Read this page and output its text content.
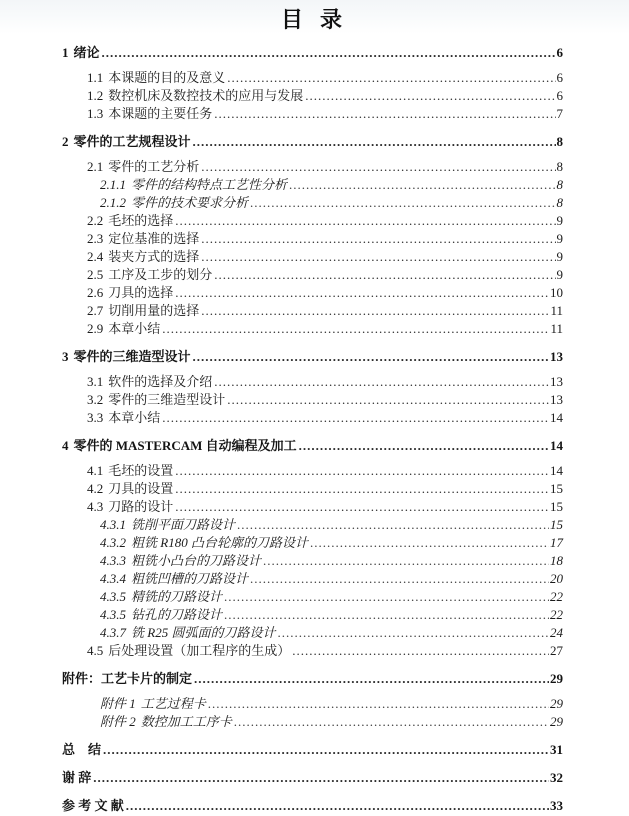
目  录
1 绪论 .....	6
1.1 本课题的目的及意义 .....	6
1.2 数控机床及数控技术的应用与发展 .....	6
1.3 本课题的主要任务 .....	7
2 零件的工艺规程设计 .....	8
2.1 零件的工艺分析 .....	8
2.1.1 零件的结构特点工艺性分析 .....	8
2.1.2 零件的技术要求分析 .....	8
2.2 毛坯的选择 .....	9
2.3 定位基准的选择 .....	9
2.4 装夹方式的选择 .....	9
2.5 工序及工步的划分 .....	9
2.6 刀具的选择 .....	10
2.7 切削用量的选择 .....	11
2.9 本章小结 .....	11
3 零件的三维造型设计 .....	13
3.1 软件的选择及介绍 .....	13
3.2 零件的三维造型设计 .....	13
3.3 本章小结 .....	14
4 零件的 MASTERCAM 自动编程及加工 .....	14
4.1 毛坯的设置 .....	14
4.2 刀具的设置 .....	15
4.3 刀路的设计 .....	15
4.3.1 铣削平面刀路设计 .....	15
4.3.2 粗铣 R180 凸台轮廓的刀路设计 .....	17
4.3.3 粗铣小凸台的刀路设计 .....	18
4.3.4 粗铣凹槽的刀路设计 .....	20
4.3.5 精铣的刀路设计 .....	22
4.3.5 钻孔的刀路设计 .....	22
4.3.7 铣 R25 圆弧面的刀路设计 .....	24
4.5 后处理设置（加工程序的生成） .....	27
附件：工艺卡片的制定 .....	29
附件 1 工艺过程卡 .....	29
附件 2 数控加工工序卡 .....	29
总　结 .....	31
谢 辞 .....	32
参 考 文 献 .....	33
